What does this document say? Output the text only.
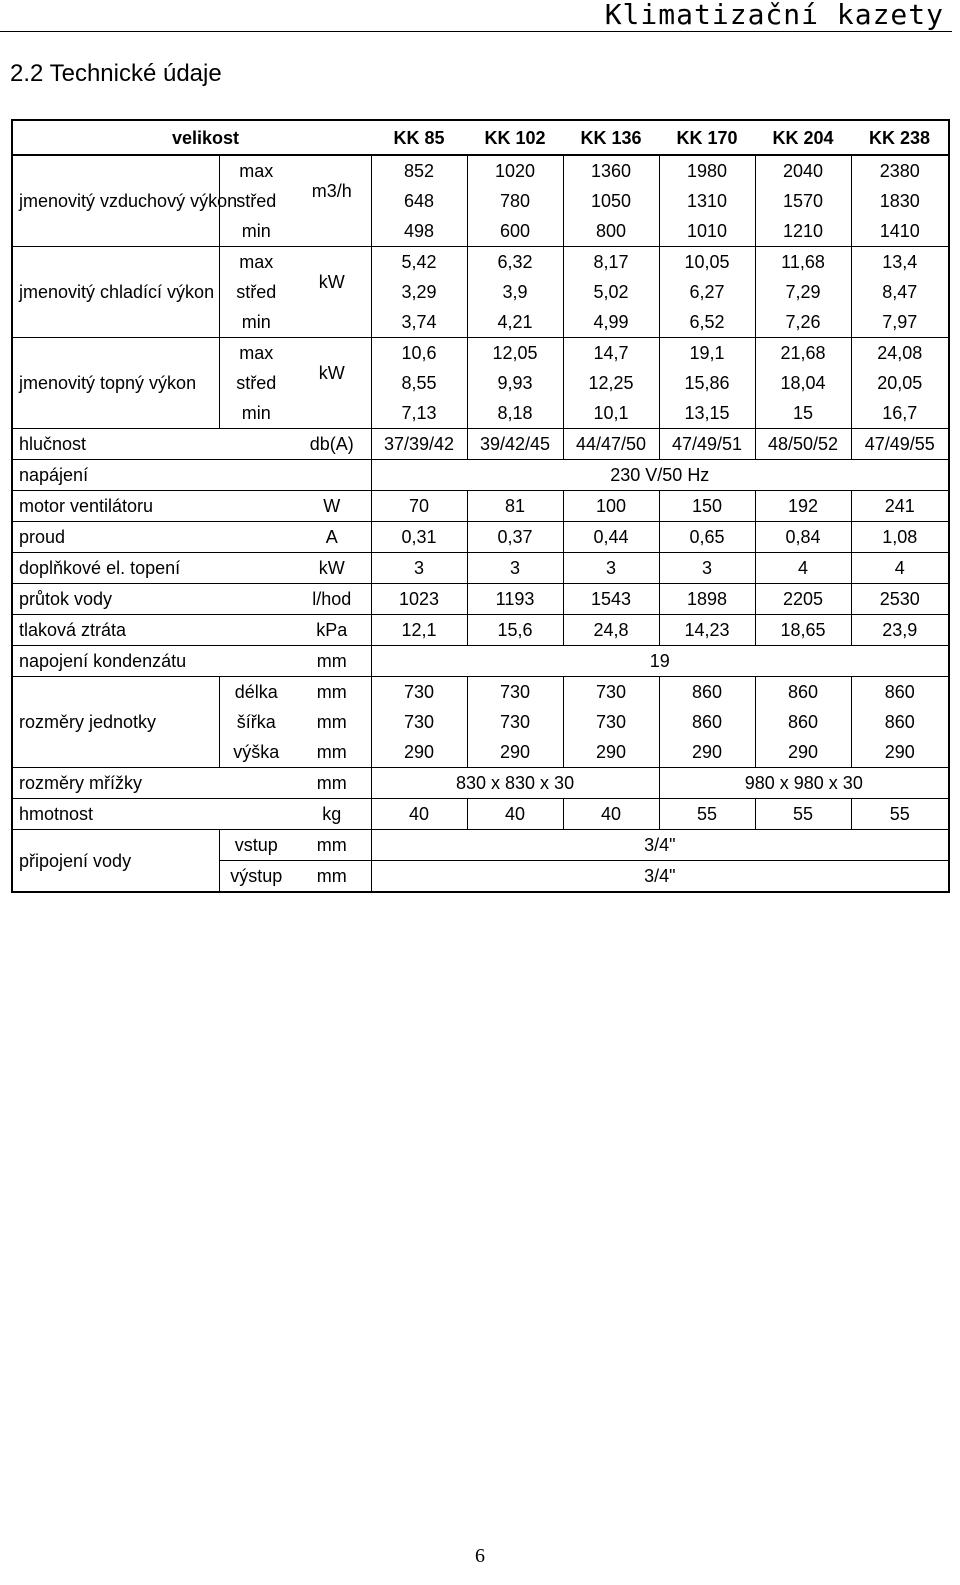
Klimatizační kazety
2.2 Technické údaje
velikost			KK 85	KK 102	KK 136	KK 170	KK 204	KK 238
jmenovitý vzduchový výkon	max	m3/h	852	1020	1360	1980	2040	2380
	střed		648	780	1050	1310	1570	1830
	min		498	600	800	1010	1210	1410
jmenovitý chladící výkon	max	kW	5,42	6,32	8,17	10,05	11,68	13,4
	střed		3,29	3,9	5,02	6,27	7,29	8,47
	min		3,74	4,21	4,99	6,52	7,26	7,97
jmenovitý topný výkon	max	kW	10,6	12,05	14,7	19,1	21,68	24,08
	střed		8,55	9,93	12,25	15,86	18,04	20,05
	min		7,13	8,18	10,1	13,15	15	16,7
hlučnost		db(A)	37/39/42	39/42/45	44/47/50	47/49/51	48/50/52	47/49/55
napájení			230 V/50 Hz					
motor ventilátoru		W	70	81	100	150	192	241
proud		A	0,31	0,37	0,44	0,65	0,84	1,08
doplňkové el. topení		kW	3	3	3	3	4	4
průtok vody		l/hod	1023	1193	1543	1898	2205	2530
tlaková ztráta		kPa	12,1	15,6	24,8	14,23	18,65	23,9
napojení kondenzátu		mm	19					
rozměry jednotky	délka	mm	730	730	730	860	860	860
	šířka	mm	730	730	730	860	860	860
	výška	mm	290	290	290	290	290	290
rozměry mřížky		mm	830 x 830 x 30			980 x 980 x 30		
hmotnost		kg	40	40	40	55	55	55
připojení vody	vstup	mm	3/4"					
	výstup	mm	3/4"					
6
